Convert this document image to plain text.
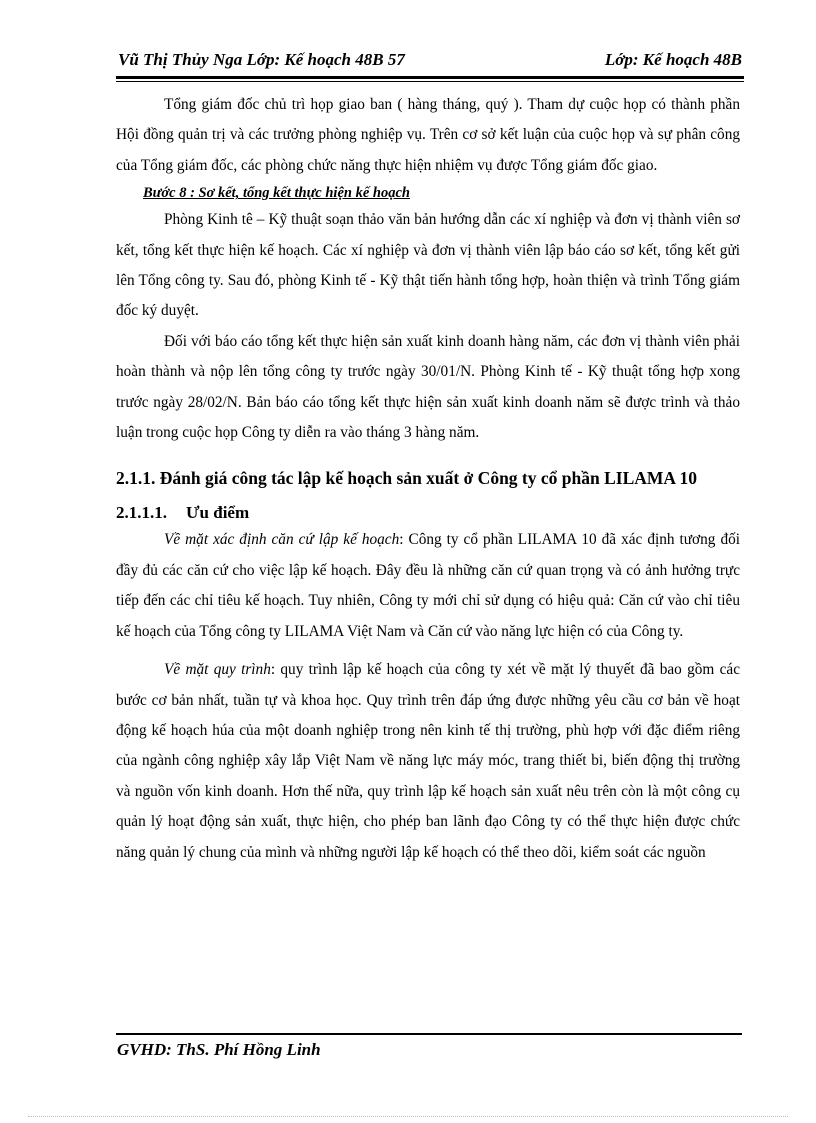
Vũ Thị Thủy Nga Lớp: Kế hoạch 48B 57	Lớp: Kế hoạch 48B

Tổng giám đốc chủ trì họp giao ban ( hàng tháng, quý ). Tham dự cuộc họp có thành phần Hội đồng quản trị và các trưởng phòng nghiệp vụ. Trên cơ sở kết luận của cuộc họp và sự phân công của Tổng giám đốc, các phòng chức năng thực hiện nhiệm vụ được Tổng giám đốc giao.

Bước 8 : Sơ kết, tổng kết thực hiện kế hoạch

Phòng Kinh tê – Kỹ thuật soạn thảo văn bản hướng dẫn các xí nghiệp và đơn vị thành viên sơ kết, tổng kết thực hiện kế hoạch. Các xí nghiệp và đơn vị thành viên lập báo cáo sơ kết, tổng kết gửi lên Tổng công ty. Sau đó, phòng Kinh tế - Kỹ thật tiến hành tổng hợp, hoàn thiện và trình Tổng giám đốc ký duyệt.

Đối với báo cáo tổng kết thực hiện sản xuất kinh doanh hàng năm, các đơn vị thành viên phải hoàn thành và nộp lên tổng công ty trước ngày 30/01/N. Phòng Kinh tế - Kỹ thuật tổng hợp xong trước ngày 28/02/N. Bản báo cáo tổng kết thực hiện sản xuất kinh doanh năm sẽ được trình và thảo luận trong cuộc họp Công ty diễn ra vào tháng 3 hàng năm.

2.1.1. Đánh giá công tác lập kế hoạch sản xuất ở Công ty cổ phần LILAMA 10
2.1.1.1. Ưu điểm

Về mặt xác định căn cứ lập kế hoạch: Công ty cổ phần LILAMA 10 đã xác định tương đối đầy đủ các căn cứ cho việc lập kế hoạch. Đây đều là những căn cứ quan trọng và có ảnh hưởng trực tiếp đến các chỉ tiêu kế hoạch. Tuy nhiên, Công ty mới chỉ sử dụng có hiệu quả: Căn cứ vào chỉ tiêu kế hoạch của Tổng công ty LILAMA Việt Nam và Căn cứ vào năng lực hiện có của Công ty.

Về mặt quy trình: quy trình lập kế hoạch của công ty xét về mặt lý thuyết đã bao gồm các bước cơ bản nhất, tuần tự và khoa học. Quy trình trên đáp ứng được những yêu cầu cơ bản về hoạt động kế hoạch húa của một doanh nghiệp trong nên kinh tế thị trường, phù hợp với đặc điểm riêng của ngành công nghiệp xây lắp Việt Nam về năng lực máy móc, trang thiết bi, biến động thị trường và nguồn vốn kinh doanh. Hơn thế nữa, quy trình lập kế hoạch sản xuất nêu trên còn là một công cụ quản lý hoạt động sản xuất, thực hiện, cho phép ban lãnh đạo Công ty có thể thực hiện được chức năng quản lý chung của mình và những người lập kế hoạch có thể theo dõi, kiểm soát các nguồn

GVHD: ThS. Phí Hồng Linh
